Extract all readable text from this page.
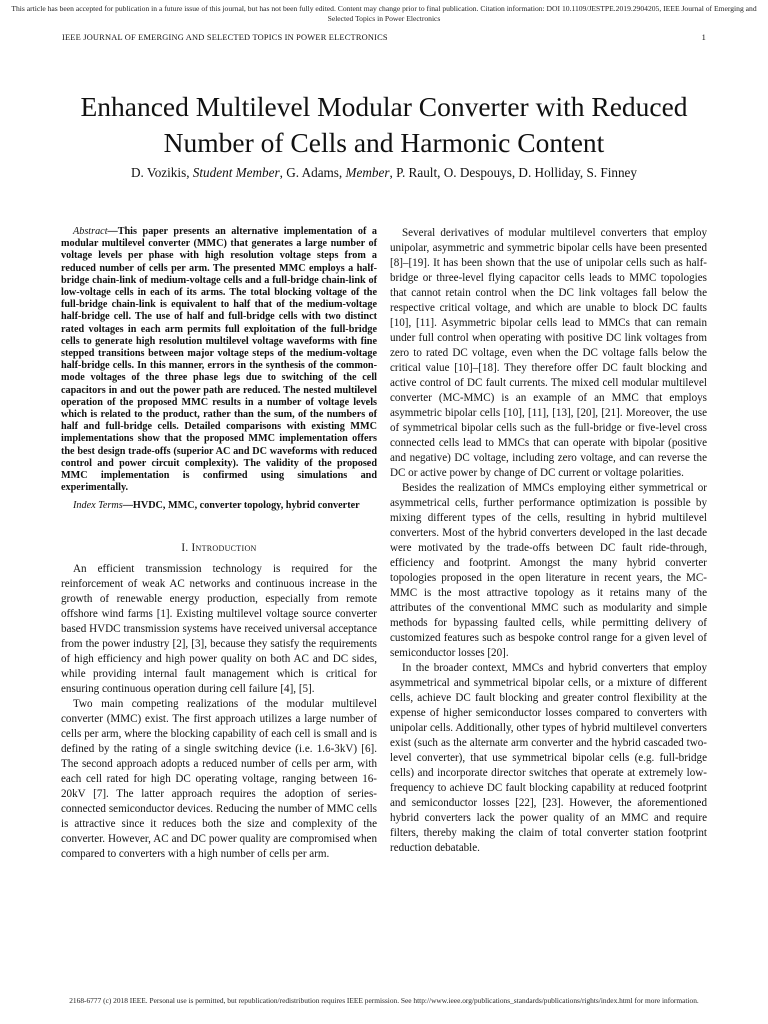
This article has been accepted for publication in a future issue of this journal, but has not been fully edited. Content may change prior to final publication. Citation information: DOI 10.1109/JESTPE.2019.2904205, IEEE Journal of Emerging and Selected Topics in Power Electronics
IEEE JOURNAL OF EMERGING AND SELECTED TOPICS IN POWER ELECTRONICS	1
Enhanced Multilevel Modular Converter with Reduced Number of Cells and Harmonic Content
D. Vozikis, Student Member, G. Adams, Member, P. Rault, O. Despouys, D. Holliday, S. Finney

Abstract—This paper presents an alternative implementation of a modular multilevel converter (MMC) that generates a large number of voltage levels per phase with high resolution voltage steps from a reduced number of cells per arm. The presented MMC employs a half-bridge chain-link of medium-voltage cells and a full-bridge chain-link of low-voltage cells in each of its arms. The total blocking voltage of the full-bridge chain-link is equivalent to half that of the medium-voltage half-bridge cell. The use of half and full-bridge cells with two distinct rated voltages in each arm permits full exploitation of the full-bridge cells to generate high resolution multilevel voltage waveforms with fine stepped transitions between major voltage steps of the medium-voltage half-bridge cells. In this manner, errors in the synthesis of the common-mode voltages of the three phase legs due to switching of the cell capacitors in and out the power path are reduced. The nested multilevel operation of the proposed MMC results in a number of voltage levels which is related to the product, rather than the sum, of the numbers of half and full-bridge cells. Detailed comparisons with existing MMC implementations show that the proposed MMC implementation offers the best design trade-offs (superior AC and DC waveforms with reduced control and power circuit complexity). The validity of the proposed MMC implementation is confirmed using simulations and experimentally.

Index Terms—HVDC, MMC, converter topology, hybrid converter

I. Introduction

An efficient transmission technology is required for the reinforcement of weak AC networks and continuous increase in the growth of renewable energy production, especially from remote offshore wind farms [1]. Existing multilevel voltage source converter based HVDC transmission systems have received universal acceptance from the power industry [2], [3], because they satisfy the requirements of high efficiency and high power quality on both AC and DC sides, while providing internal fault management which is critical for ensuring continuous operation during cell failure [4], [5].

Two main competing realizations of the modular multilevel converter (MMC) exist. The first approach utilizes a large number of cells per arm, where the blocking capability of each cell is small and is defined by the rating of a single switching device (i.e. 1.6-3kV) [6]. The second approach adopts a reduced number of cells per arm, with each cell rated for high DC operating voltage, ranging between 16-20kV [7]. The latter approach requires the adoption of series-connected semiconductor devices. Reducing the number of MMC cells is attractive since it reduces both the size and complexity of the converter. However, AC and DC power quality are compromised when compared to converters with a high number of cells per arm.

Several derivatives of modular multilevel converters that employ unipolar, asymmetric and symmetric bipolar cells have been presented [8]–[19]. It has been shown that the use of unipolar cells such as half-bridge or three-level flying capacitor cells leads to MMC topologies that cannot retain control when the DC link voltages fall below the respective critical voltage, and which are unable to block DC faults [10], [11]. Asymmetric bipolar cells lead to MMCs that can remain under full control when operating with positive DC link voltages from zero to rated DC voltage, even when the DC voltage falls below the critical value [10]–[18]. They therefore offer DC fault blocking and active control of DC fault currents. The mixed cell modular multilevel converter (MC-MMC) is an example of an MMC that employs asymmetric bipolar cells [10], [11], [13], [20], [21]. Moreover, the use of symmetrical bipolar cells such as the full-bridge or five-level cross connected cells lead to MMCs that can operate with bipolar (positive and negative) DC voltage, including zero voltage, and can reverse the DC or active power by change of DC current or voltage polarities.

Besides the realization of MMCs employing either symmetrical or asymmetrical cells, further performance optimization is possible by mixing different types of the cells, resulting in hybrid multilevel converters. Most of the hybrid converters developed in the last decade were motivated by the trade-offs between DC fault ride-through, efficiency and footprint. Amongst the many hybrid converter topologies proposed in the open literature in recent years, the MC-MMC is the most attractive topology as it retains many of the attributes of the conventional MMC such as modularity and simple methods for bypassing faulted cells, while permitting delivery of customized features such as bespoke control range for a given level of semiconductor losses [20].

In the broader context, MMCs and hybrid converters that employ asymmetrical and symmetrical bipolar cells, or a mixture of different cells, achieve DC fault blocking and greater control flexibility at the expense of higher semiconductor losses compared to converters with unipolar cells. Additionally, other types of hybrid multilevel converters exist (such as the alternate arm converter and the hybrid cascaded two-level converter), that use symmetrical bipolar cells (e.g. full-bridge cells) and incorporate director switches that operate at extremely low-frequency to achieve DC fault blocking capability at reduced footprint and semiconductor losses [22], [23]. However, the aforementioned hybrid converters lack the power quality of an MMC and require filters, thereby making the claim of total converter station footprint reduction debatable.

2168-6777 (c) 2018 IEEE. Personal use is permitted, but republication/redistribution requires IEEE permission. See http://www.ieee.org/publications_standards/publications/rights/index.html for more information.
